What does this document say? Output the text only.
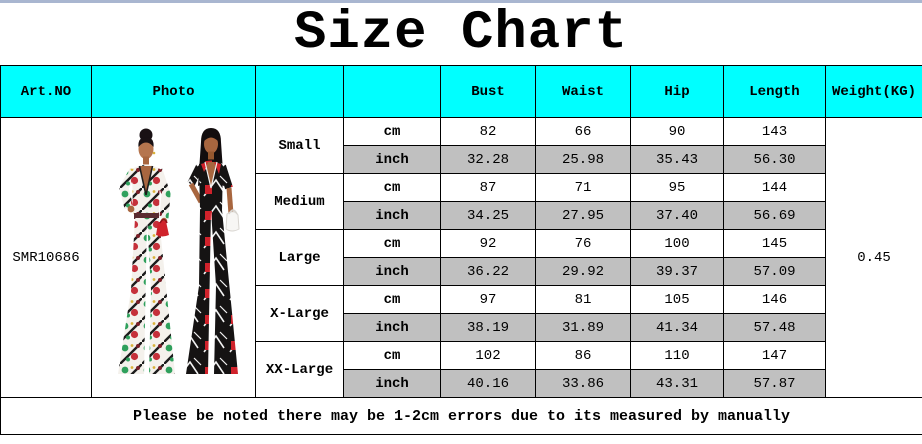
Size Chart
Art.NO	Photo			Bust	Waist	Hip	Length	Weight(KG)
SMR10686		Small	cm	82	66	90	143	0.45
			inch	32.28	25.98	35.43	56.30	
		Medium	cm	87	71	95	144	
			inch	34.25	27.95	37.40	56.69	
		Large	cm	92	76	100	145	
			inch	36.22	29.92	39.37	57.09	
		X-Large	cm	97	81	105	146	
			inch	38.19	31.89	41.34	57.48	
		XX-Large	cm	102	86	110	147	
			inch	40.16	33.86	43.31	57.87	
Please be noted there may be 1-2cm errors due to its measured by manually								
